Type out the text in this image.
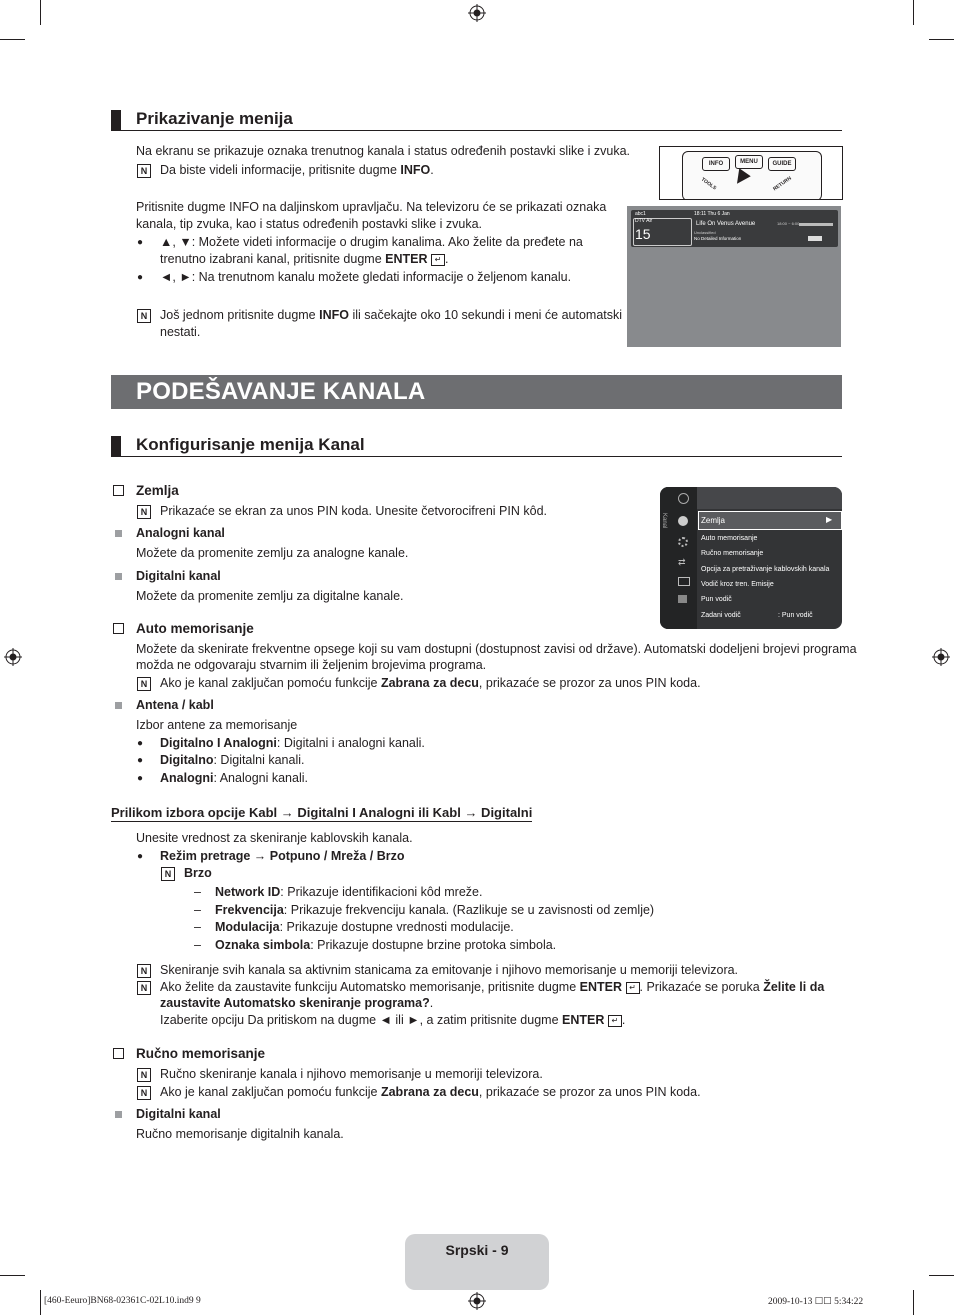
Prikazivanje menija
Na ekranu se prikazuje oznaka trenutnog kanala i status određenih postavki slike i zvuka.
N	Da biste videli informacije, pritisnite dugme INFO.
Pritisnite dugme INFO na daljinskom upravljaču. Na televizoru će se prikazati oznaka
kanala, tip zvuka, kao i status određenih postavki slike i zvuka.
● ▲, ▼: Možete videti informacije o drugim kanalima. Ako želite da pređete na
trenutno izabrani kanal, pritisnite dugme ENTER ↵ .
● ◄, ►: Na trenutnom kanalu možete gledati informacije o željenom kanalu.
N	Još jednom pritisnite dugme INFO ili sačekajte oko 10 sekundi i meni će automatski
nestati.
INFO	MENU	GUIDE
TOOLS	RETURN
abc1
DTV Air
15
18:11 Thu 6 Jan
Life On Venus Avenue	18:00 ~ 6:00
Unclassified
No Detailed Information
PODEŠAVANJE KANALA
Konfigurisanje menija Kanal
Zemlja
N	Prikazaće se ekran za unos PIN koda. Unesite četvorocifreni PIN kôd.
Analogni kanal
Možete da promenite zemlju za analogne kanale.
Digitalni kanal
Možete da promenite zemlju za digitalne kanale.
Kanal
⇄
▶
Zemlja
Auto memorisanje
Ručno memorisanje
Opcija za pretraživanje kablovskih kanala
Vodič kroz tren. Emisije
Pun vodič
Zadani vodič	: Pun vodič
Auto memorisanje
Možete da skenirate frekventne opsege koji su vam dostupni (dostupnost zavisi od države). Automatski dodeljeni brojevi programa
možda ne odgovaraju stvarnim ili željenim brojevima programa.
N	Ako je kanal zaključan pomoću funkcije Zabrana za decu, prikazaće se prozor za unos PIN koda.
Antena / kabl
Izbor antene za memorisanje
● Digitalno I Analogni: Digitalni i analogni kanali.
● Digitalno: Digitalni kanali.
● Analogni: Analogni kanali.
Prilikom izbora opcije Kabl → Digitalni I Analogni ili Kabl → Digitalni
Unesite vrednost za skeniranje kablovskih kanala.
● Režim pretrage → Potpuno / Mreža / Brzo
N	Brzo
– Network ID: Prikazuje identifikacioni kôd mreže.
– Frekvencija: Prikazuje frekvenciju kanala. (Razlikuje se u zavisnosti od zemlje)
– Modulacija: Prikazuje dostupne vrednosti modulacije.
– Oznaka simbola: Prikazuje dostupne brzine protoka simbola.
N	Skeniranje svih kanala sa aktivnim stanicama za emitovanje i njihovo memorisanje u memoriji televizora.
N	Ako želite da zaustavite funkciju Automatsko memorisanje, pritisnite dugme ENTER ↵ . Prikazaće se poruka Želite li da
zaustavite Automatsko skeniranje programa?.
Izaberite opciju Da pritiskom na dugme ◄ ili ►, a zatim pritisnite dugme ENTER ↵ .
Ručno memorisanje
N	Ručno skeniranje kanala i njihovo memorisanje u memoriji televizora.
N	Ako je kanal zaključan pomoću funkcije Zabrana za decu, prikazaće se prozor za unos PIN koda.
Digitalni kanal
Ručno memorisanje digitalnih kanala.
Srpski - 9
[460-Eeuro]BN68-02361C-02L10.ind9 9	2009-10-13 ☐☐ 5:34:22
